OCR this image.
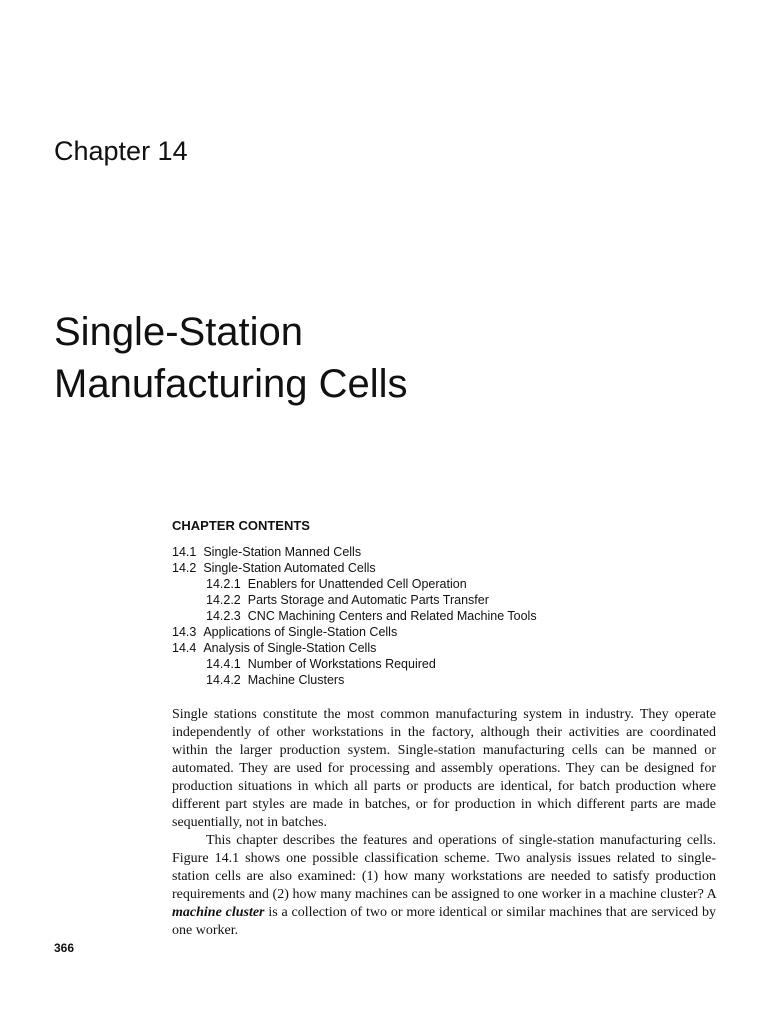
Chapter 14
Single-Station
Manufacturing Cells
CHAPTER CONTENTS
14.1 Single-Station Manned Cells
14.2 Single-Station Automated Cells
14.2.1 Enablers for Unattended Cell Operation
14.2.2 Parts Storage and Automatic Parts Transfer
14.2.3 CNC Machining Centers and Related Machine Tools
14.3 Applications of Single-Station Cells
14.4 Analysis of Single-Station Cells
14.4.1 Number of Workstations Required
14.4.2 Machine Clusters

Single stations constitute the most common manufacturing system in industry. They operate independently of other workstations in the factory, although their activities are coordinated within the larger production system. Single-station manufacturing cells can be manned or automated. They are used for processing and assembly operations. They can be designed for production situations in which all parts or products are identical, for batch production where different part styles are made in batches, or for production in which different parts are made sequentially, not in batches.

This chapter describes the features and operations of single-station manufacturing cells. Figure 14.1 shows one possible classification scheme. Two analysis issues related to single-station cells are also examined: (1) how many workstations are needed to satisfy production requirements and (2) how many machines can be assigned to one worker in a machine cluster? A machine cluster is a collection of two or more identical or similar machines that are serviced by one worker.

366
